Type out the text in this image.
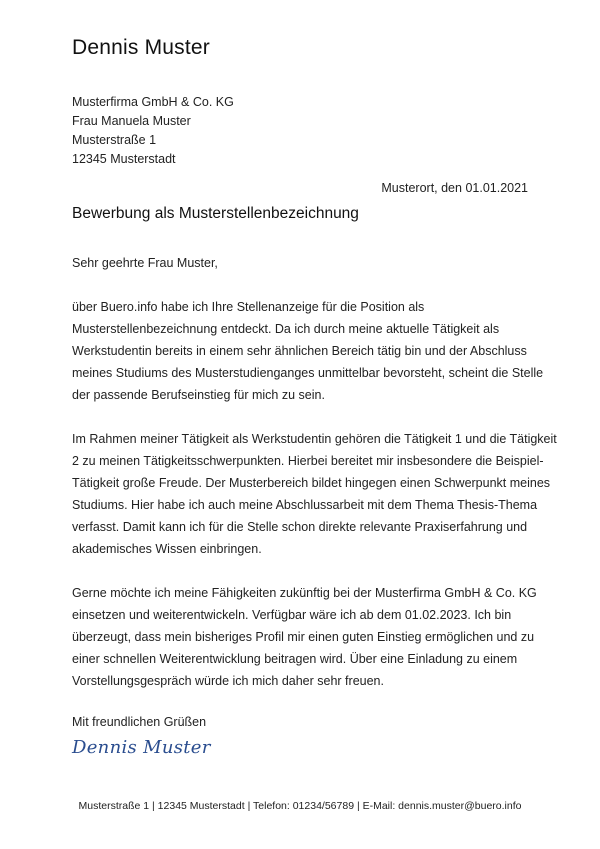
Dennis Muster
Musterfirma GmbH & Co. KG
Frau Manuela Muster
Musterstraße 1
12345 Musterstadt
Musterort, den 01.01.2021
Bewerbung als Musterstellenbezeichnung
Sehr geehrte Frau Muster,
über Buero.info habe ich Ihre Stellenanzeige für die Position als
Musterstellenbezeichnung entdeckt. Da ich durch meine aktuelle Tätigkeit als
Werkstudentin bereits in einem sehr ähnlichen Bereich tätig bin und der Abschluss
meines Studiums des Musterstudienganges unmittelbar bevorsteht, scheint die Stelle
der passende Berufseinstieg für mich zu sein.
Im Rahmen meiner Tätigkeit als Werkstudentin gehören die Tätigkeit 1 und die Tätigkeit
2 zu meinen Tätigkeitsschwerpunkten. Hierbei bereitet mir insbesondere die Beispiel-
Tätigkeit große Freude. Der Musterbereich bildet hingegen einen Schwerpunkt meines
Studiums. Hier habe ich auch meine Abschlussarbeit mit dem Thema Thesis-Thema
verfasst. Damit kann ich für die Stelle schon direkte relevante Praxiserfahrung und
akademisches Wissen einbringen.
Gerne möchte ich meine Fähigkeiten zukünftig bei der Musterfirma GmbH & Co. KG
einsetzen und weiterentwickeln. Verfügbar wäre ich ab dem 01.02.2023. Ich bin
überzeugt, dass mein bisheriges Profil mir einen guten Einstieg ermöglichen und zu
einer schnellen Weiterentwicklung beitragen wird. Über eine Einladung zu einem
Vorstellungsgespräch würde ich mich daher sehr freuen.
Mit freundlichen Grüßen
Dennis Muster
Musterstraße 1 | 12345 Musterstadt | Telefon: 01234/56789 | E-Mail: dennis.muster@buero.info
